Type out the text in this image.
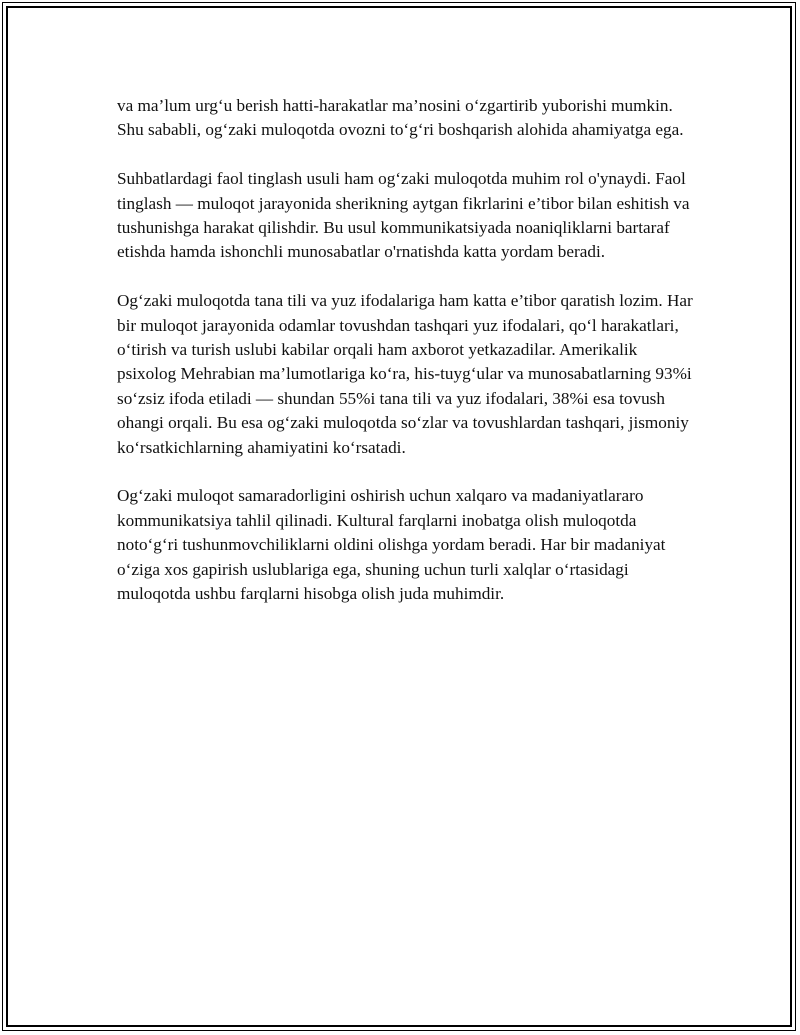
va ma’lum urg‘u berish hatti-harakatlar ma’nosini o‘zgartirib yuborishi mumkin. Shu sababli, og‘zaki muloqotda ovozni to‘g‘ri boshqarish alohida ahamiyatga ega.

Suhbatlardagi faol tinglash usuli ham og‘zaki muloqotda muhim rol o'ynaydi. Faol tinglash — muloqot jarayonida sherikning aytgan fikrlarini e’tibor bilan eshitish va tushunishga harakat qilishdir. Bu usul kommunikatsiyada noaniqliklarni bartaraf etishda hamda ishonchli munosabatlar o'rnatishda katta yordam beradi.

Og‘zaki muloqotda tana tili va yuz ifodalariga ham katta e’tibor qaratish lozim. Har bir muloqot jarayonida odamlar tovushdan tashqari yuz ifodalari, qo‘l harakatlari, o‘tirish va turish uslubi kabilar orqali ham axborot yetkazadilar. Amerikalik psixolog Mehrabian ma’lumotlariga ko‘ra, his-tuyg‘ular va munosabatlarning 93%i so‘zsiz ifoda etiladi — shundan 55%i tana tili va yuz ifodalari, 38%i esa tovush ohangi orqali. Bu esa og‘zaki muloqotda so‘zlar va tovushlardan tashqari, jismoniy ko‘rsatkichlarning ahamiyatini ko‘rsatadi.

Og‘zaki muloqot samaradorligini oshirish uchun xalqaro va madaniyatlararo kommunikatsiya tahlil qilinadi. Kultural farqlarni inobatga olish muloqotda noto‘g‘ri tushunmovchiliklarni oldini olishga yordam beradi. Har bir madaniyat o‘ziga xos gapirish uslublariga ega, shuning uchun turli xalqlar o‘rtasidagi muloqotda ushbu farqlarni hisobga olish juda muhimdir.
